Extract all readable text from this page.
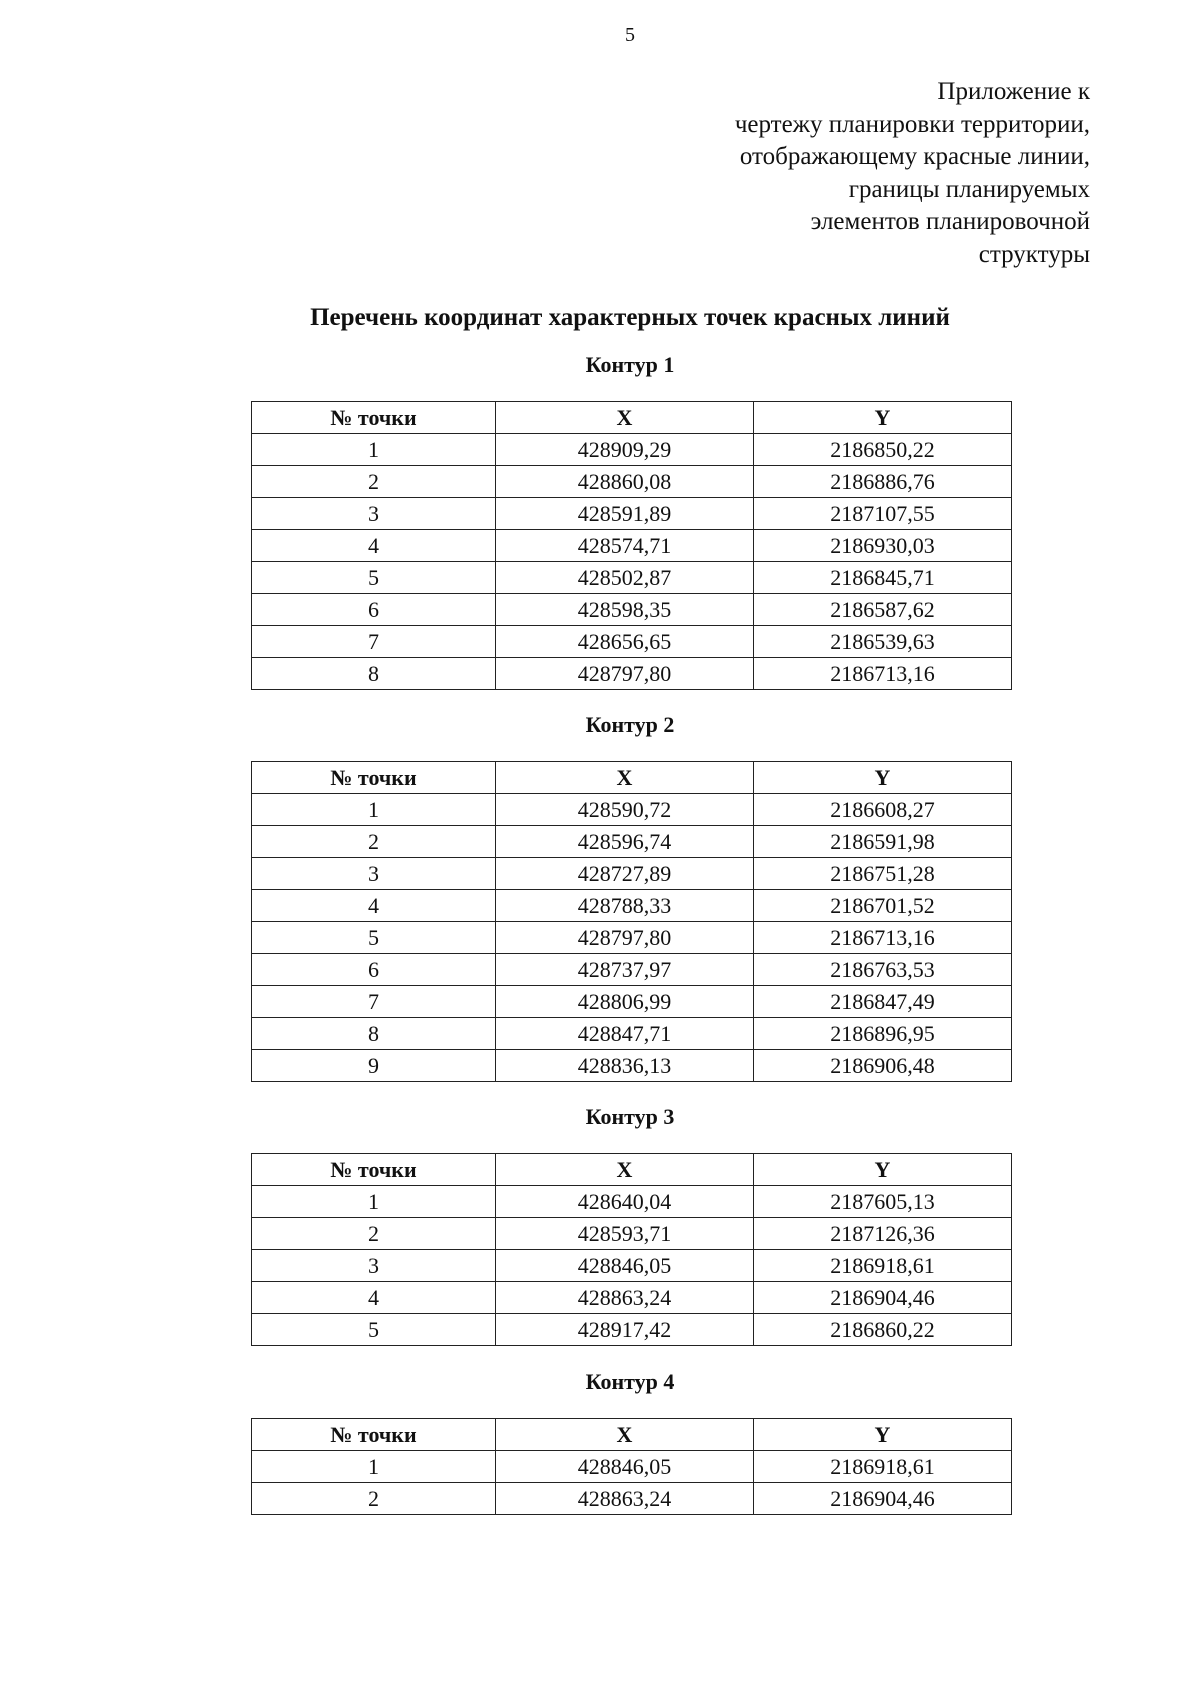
5
Приложение к
чертежу планировки территории,
отображающему красные линии,
границы планируемых
элементов планировочной
структуры
Перечень координат характерных точек красных линий
Контур 1
№ точки	X	Y
1	428909,29	2186850,22
2	428860,08	2186886,76
3	428591,89	2187107,55
4	428574,71	2186930,03
5	428502,87	2186845,71
6	428598,35	2186587,62
7	428656,65	2186539,63
8	428797,80	2186713,16
Контур 2
№ точки	X	Y
1	428590,72	2186608,27
2	428596,74	2186591,98
3	428727,89	2186751,28
4	428788,33	2186701,52
5	428797,80	2186713,16
6	428737,97	2186763,53
7	428806,99	2186847,49
8	428847,71	2186896,95
9	428836,13	2186906,48
Контур 3
№ точки	X	Y
1	428640,04	2187605,13
2	428593,71	2187126,36
3	428846,05	2186918,61
4	428863,24	2186904,46
5	428917,42	2186860,22
Контур 4
№ точки	X	Y
1	428846,05	2186918,61
2	428863,24	2186904,46
